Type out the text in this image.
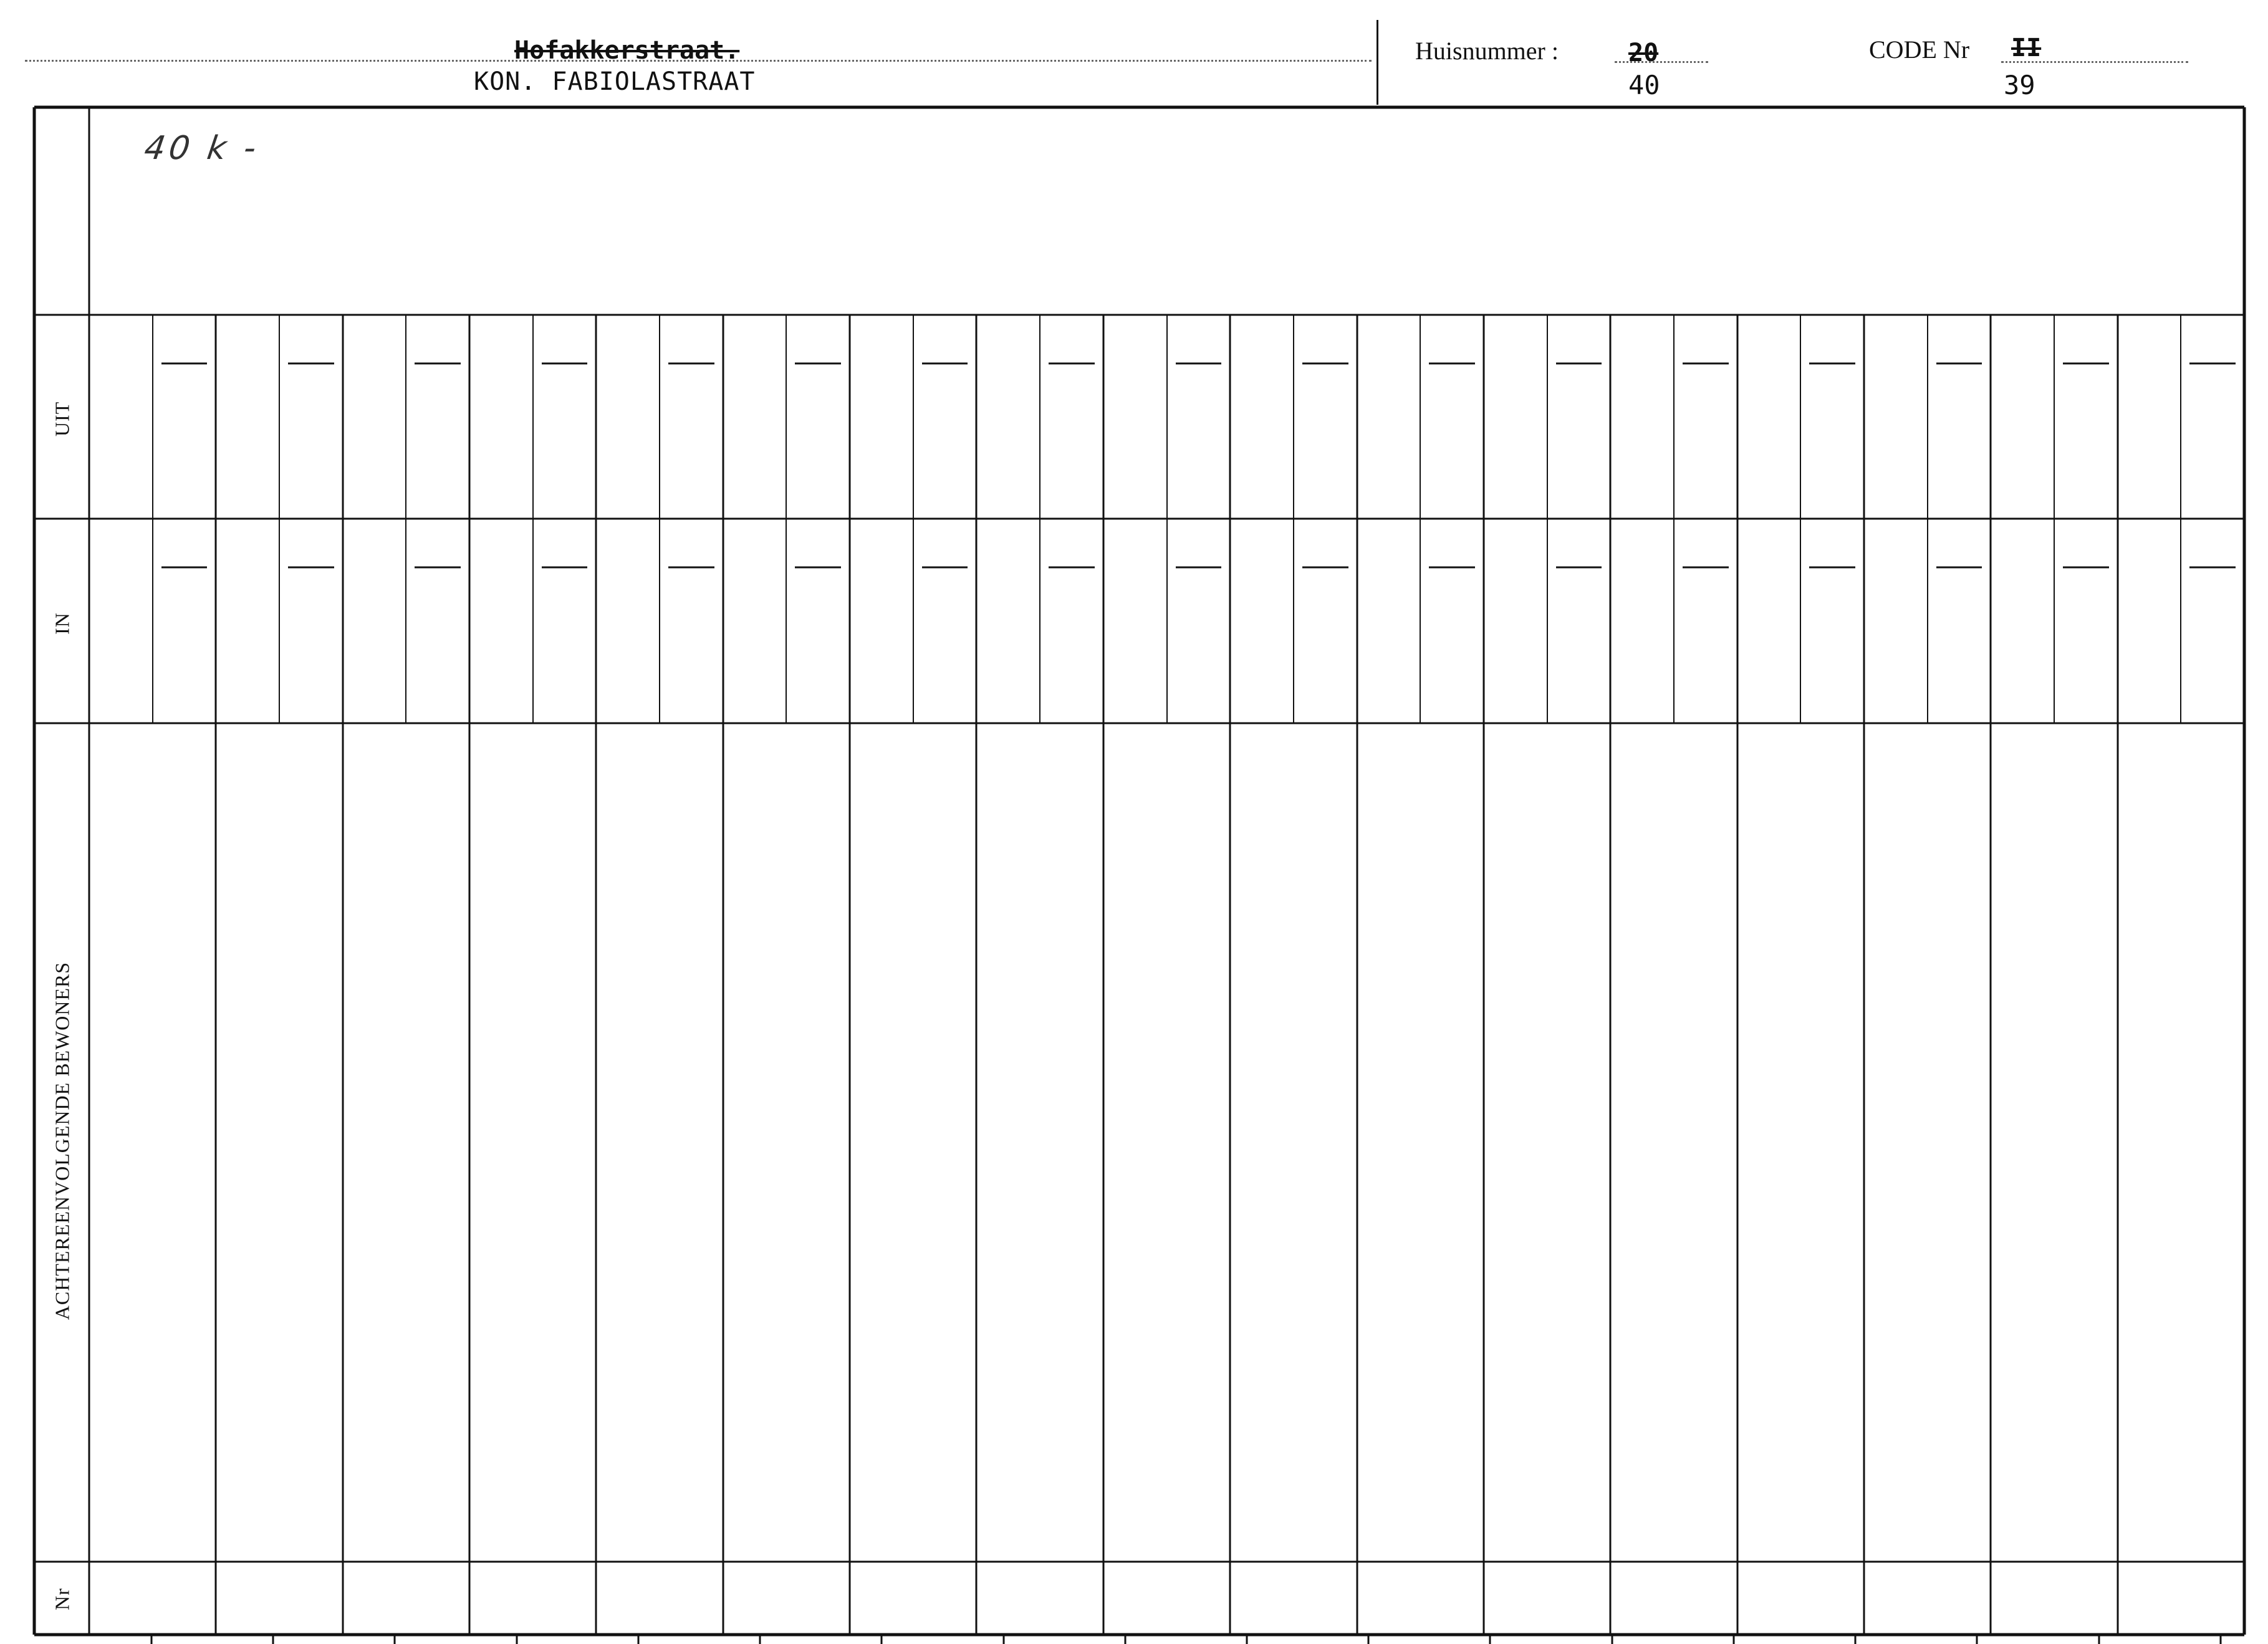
Hofakkerstraat.
KON. FABIOLASTRAAT
Huisnummer :	20
40
CODE Nr II
39
40 k -
UIT
IN
ACHTEREENVOLGENDE BEWONERS
Nr
